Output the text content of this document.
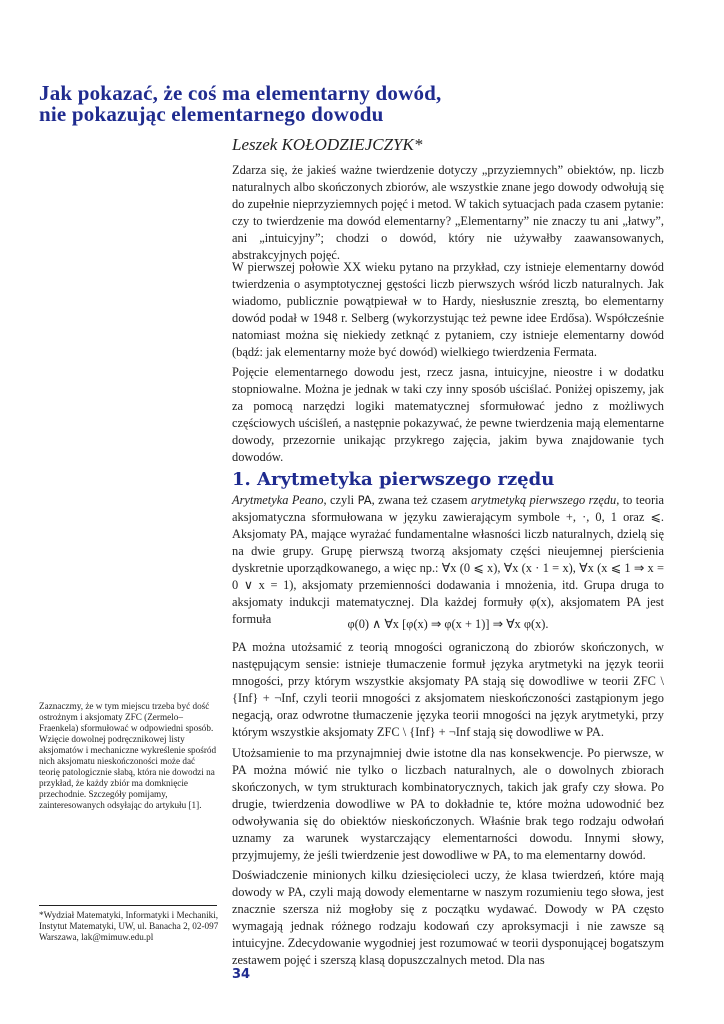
Jak pokazać, że coś ma elementarny dowód,
nie pokazując elementarnego dowodu
Leszek KOŁODZIEJCZYK*

Zdarza się, że jakieś ważne twierdzenie dotyczy „przyziemnych” obiektów, np. liczb naturalnych albo skończonych zbiorów, ale wszystkie znane jego dowody odwołują się do zupełnie nieprzyziemnych pojęć i metod. W takich sytuacjach pada czasem pytanie: czy to twierdzenie ma dowód elementarny? „Elementarny” nie znaczy tu ani „łatwy”, ani „intuicyjny”; chodzi o dowód, który nie używałby zaawansowanych, abstrakcyjnych pojęć.

W pierwszej połowie XX wieku pytano na przykład, czy istnieje elementarny dowód twierdzenia o asymptotycznej gęstości liczb pierwszych wśród liczb naturalnych. Jak wiadomo, publicznie powątpiewał w to Hardy, niesłusznie zresztą, bo elementarny dowód podał w 1948 r. Selberg (wykorzystując też pewne idee Erdősa). Współcześnie natomiast można się niekiedy zetknąć z pytaniem, czy istnieje elementarny dowód (bądź: jak elementarny może być dowód) wielkiego twierdzenia Fermata.

Pojęcie elementarnego dowodu jest, rzecz jasna, intuicyjne, nieostre i w dodatku stopniowalne. Można je jednak w taki czy inny sposób uściślać. Poniżej opiszemy, jak za pomocą narzędzi logiki matematycznej sformułować jedno z możliwych częściowych uściśleń, a następnie pokazywać, że pewne twierdzenia mają elementarne dowody, przezornie unikając przykrego zajęcia, jakim bywa znajdowanie tych dowodów.

1. Arytmetyka pierwszego rzędu

Arytmetyka Peano, czyli PA, zwana też czasem arytmetyką pierwszego rzędu, to teoria aksjomatyczna sformułowana w języku zawierającym symbole +, ·, 0, 1 oraz ⩽. Aksjomaty PA, mające wyrażać fundamentalne własności liczb naturalnych, dzielą się na dwie grupy. Grupę pierwszą tworzą aksjomaty części nieujemnej pierścienia dyskretnie uporządkowanego, a więc np.: ∀x (0 ⩽ x), ∀x (x · 1 = x), ∀x (x ⩽ 1 ⇒ x = 0 ∨ x = 1), aksjomaty przemienności dodawania i mnożenia, itd. Grupa druga to aksjomaty indukcji matematycznej. Dla każdej formuły φ(x), aksjomatem PA jest formuła	φ(0) ∧ ∀x [φ(x) ⇒ φ(x + 1)] ⇒ ∀x φ(x).

PA można utożsamić z teorią mnogości ograniczoną do zbiorów skończonych, w następującym sensie: istnieje tłumaczenie formuł języka arytmetyki na język teorii mnogości, przy którym wszystkie aksjomaty PA stają się dowodliwe w teorii ZFC \ {Inf} + ¬Inf, czyli teorii mnogości z aksjomatem nieskończoności zastąpionym jego negacją, oraz odwrotne tłumaczenie języka teorii mnogości na język arytmetyki, przy którym wszystkie aksjomaty ZFC \ {Inf} + ¬Inf stają się dowodliwe w PA.

Utożsamienie to ma przynajmniej dwie istotne dla nas konsekwencje. Po pierwsze, w PA można mówić nie tylko o liczbach naturalnych, ale o dowolnych zbiorach skończonych, w tym strukturach kombinatorycznych, takich jak grafy czy słowa. Po drugie, twierdzenia dowodliwe w PA to dokładnie te, które można udowodnić bez odwoływania się do obiektów nieskończonych. Właśnie brak tego rodzaju odwołań uznamy za warunek wystarczający elementarności dowodu. Innymi słowy, przyjmujemy, że jeśli twierdzenie jest dowodliwe w PA, to ma elementarny dowód.

Doświadczenie minionych kilku dziesięcioleci uczy, że klasa twierdzeń, które mają dowody w PA, czyli mają dowody elementarne w naszym rozumieniu tego słowa, jest znacznie szersza niż mogłoby się z początku wydawać. Dowody w PA często wymagają jednak różnego rodzaju kodowań czy aproksymacji i nie zawsze są intuicyjne. Zdecydowanie wygodniej jest rozumować w teorii dysponującej bogatszym zestawem pojęć i szerszą klasą dopuszczalnych metod. Dla nas

Zaznaczmy, że w tym miejscu trzeba być dość ostrożnym i aksjomaty ZFC (Zermelo–Fraenkela) sformułować w odpowiedni sposób. Wzięcie dowolnej podręcznikowej listy aksjomatów i mechaniczne wykreślenie spośród nich aksjomatu nieskończoności może dać teorię patologicznie słabą, która nie dowodzi na przykład, że każdy zbiór ma domknięcie przechodnie. Szczegóły pomijamy, zainteresowanych odsyłając do artykułu [1].
*Wydział Matematyki, Informatyki i Mechaniki, Instytut Matematyki, UW, ul. Banacha 2, 02-097 Warszawa, lak@mimuw.edu.pl
34
